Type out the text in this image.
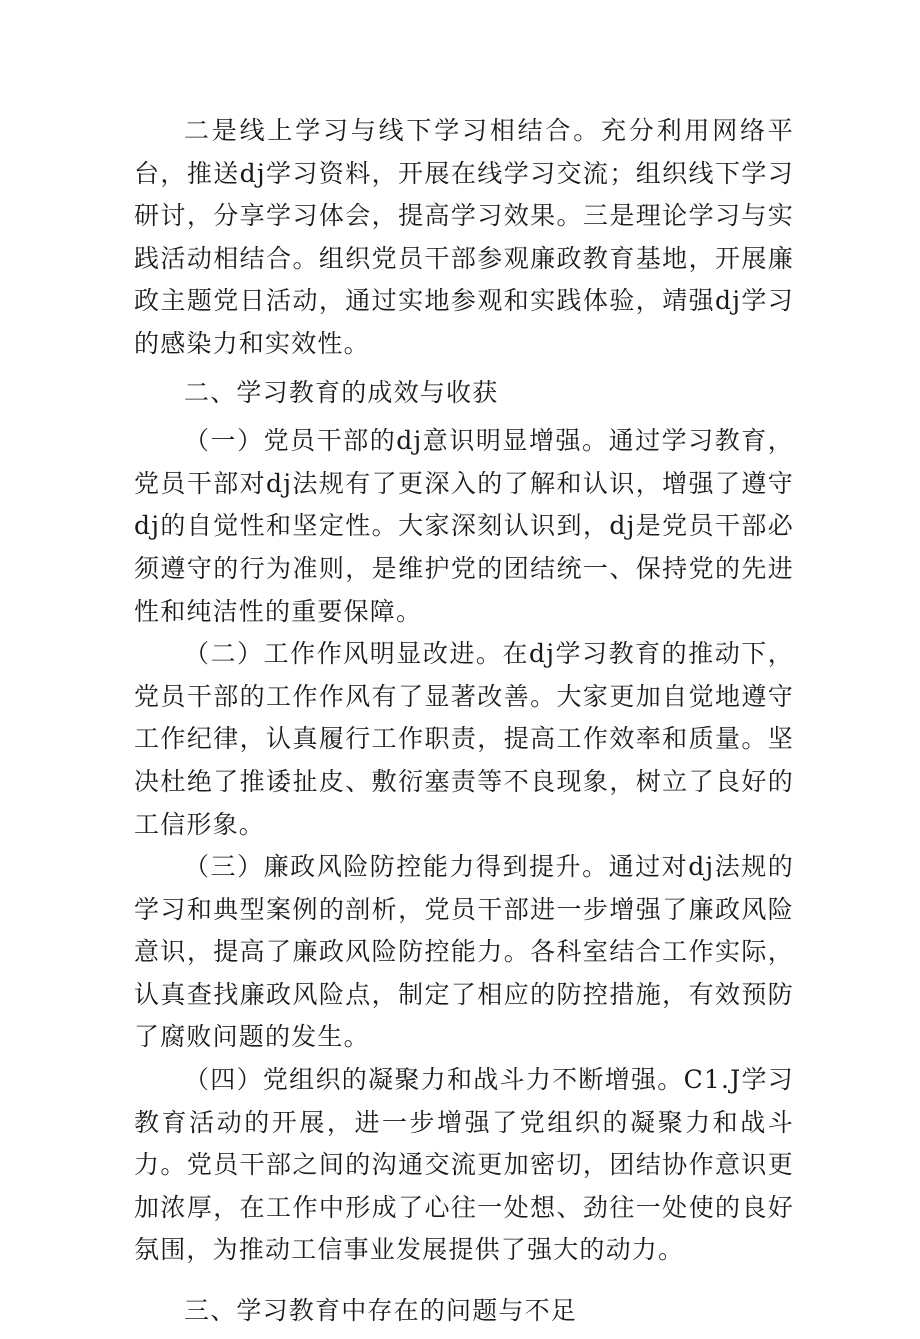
二是线上学习与线下学习相结合。充分利用网络平台，推送dj学习资料，开展在线学习交流；组织线下学习研讨，分享学习体会，提高学习效果。三是理论学习与实践活动相结合。组织党员干部参观廉政教育基地，开展廉政主题党日活动，通过实地参观和实践体验，靖强dj学习的感染力和实效性。

二、学习教育的成效与收获

（一）党员干部的dj意识明显增强。通过学习教育，党员干部对dj法规有了更深入的了解和认识，增强了遵守dj的自觉性和坚定性。大家深刻认识到，dj是党员干部必须遵守的行为准则，是维护党的团结统一、保持党的先进性和纯洁性的重要保障。

（二）工作作风明显改进。在dj学习教育的推动下，党员干部的工作作风有了显著改善。大家更加自觉地遵守工作纪律，认真履行工作职责，提高工作效率和质量。坚决杜绝了推诿扯皮、敷衍塞责等不良现象，树立了良好的工信形象。

（三）廉政风险防控能力得到提升。通过对dj法规的学习和典型案例的剖析，党员干部进一步增强了廉政风险意识，提高了廉政风险防控能力。各科室结合工作实际，认真查找廉政风险点，制定了相应的防控措施，有效预防了腐败问题的发生。

（四）党组织的凝聚力和战斗力不断增强。C1.J学习教育活动的开展，进一步增强了党组织的凝聚力和战斗力。党员干部之间的沟通交流更加密切，团结协作意识更加浓厚，在工作中形成了心往一处想、劲往一处使的良好氛围，为推动工信事业发展提供了强大的动力。

三、学习教育中存在的问题与不足
